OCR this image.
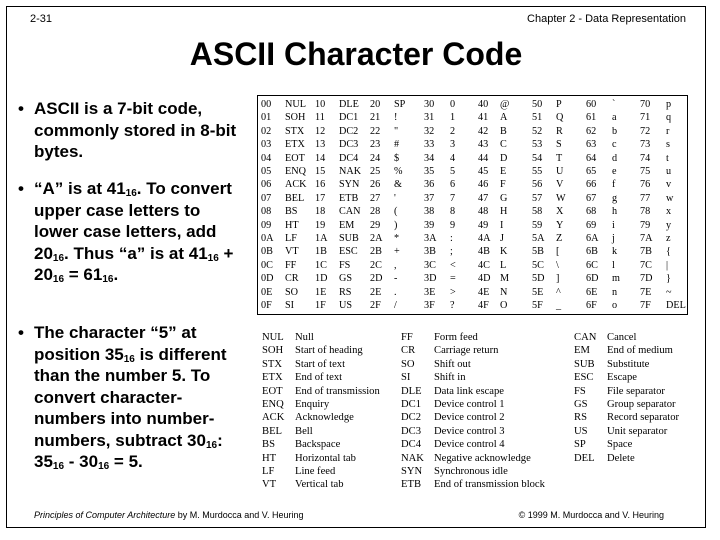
2-31	Chapter 2 - Data Representation
ASCII Character Code

• ASCII is a 7-bit code, commonly stored in 8-bit bytes.

• “A” is at $41_{16}$. To convert upper case letters to lower case letters, add $20_{16}$. Thus “a” is at $41_{16} + 20_{16} = 61_{16}$.

• The character “5” at position $35_{16}$ is different than the number 5. To convert character-numbers into number-numbers, subtract $30_{16}$: $35_{16} - 30_{16} = 5$.

00
01
02
03
04
05
06
07
08
09
0A
0B
0C
0D
0E
0F
NUL
SOH
STX
ETX
EOT
ENQ
ACK
BEL
BS
HT
LF
VT
FF
CR
SO
SI
10
11
12
13
14
15
16
17
18
19
1A
1B
1C
1D
1E
1F
DLE
DC1
DC2
DC3
DC4
NAK
SYN
ETB
CAN
EM
SUB
ESC
FS
GS
RS
US
20
21
22
23
24
25
26
27
28
29
2A
2B
2C
2D
2E
2F
SP
!
"
#
$
%
&
'
(
)
*
+
,
-
.
/
30
31
32
33
34
35
36
37
38
39
3A
3B
3C
3D
3E
3F
0
1
2
3
4
5
6
7
8
9
:
;
<
=
>
?
40
41
42
43
44
45
46
47
48
49
4A
4B
4C
4D
4E
4F
@
A
B
C
D
E
F
G
H
I
J
K
L
M
N
O
50
51
52
53
54
55
56
57
58
59
5A
5B
5C
5D
5E
5F
P
Q
R
S
T
U
V
W
X
Y
Z
[
\
]
^
_
60
61
62
63
64
65
66
67
68
69
6A
6B
6C
6D
6E
6F
`
a
b
c
d
e
f
g
h
i
j
k
l
m
n
o
70
71
72
73
74
75
76
77
78
79
7A
7B
7C
7D
7E
7F
p
q
r
s
t
u
v
w
x
y
z
{
|
}
~
DEL
NUL Null
SOH Start of heading
STX Start of text
ETX End of text
EOT End of transmission
ENQ Enquiry
ACK Acknowledge
BEL Bell
BS Backspace
HT Horizontal tab
LF Line feed
VT Vertical tab
FF Form feed
CR Carriage return
SO Shift out
SI Shift in
DLE Data link escape
DC1 Device control 1
DC2 Device control 2
DC3 Device control 3
DC4 Device control 4
NAK Negative acknowledge
SYN Synchronous idle
ETB End of transmission block
CAN Cancel
EM End of medium
SUB Substitute
ESC Escape
FS File separator
GS Group separator
RS Record separator
US Unit separator
SP Space
DEL Delete
Principles of Computer Architecture by M. Murdocca and V. Heuring	© 1999 M. Murdocca and V. Heuring
